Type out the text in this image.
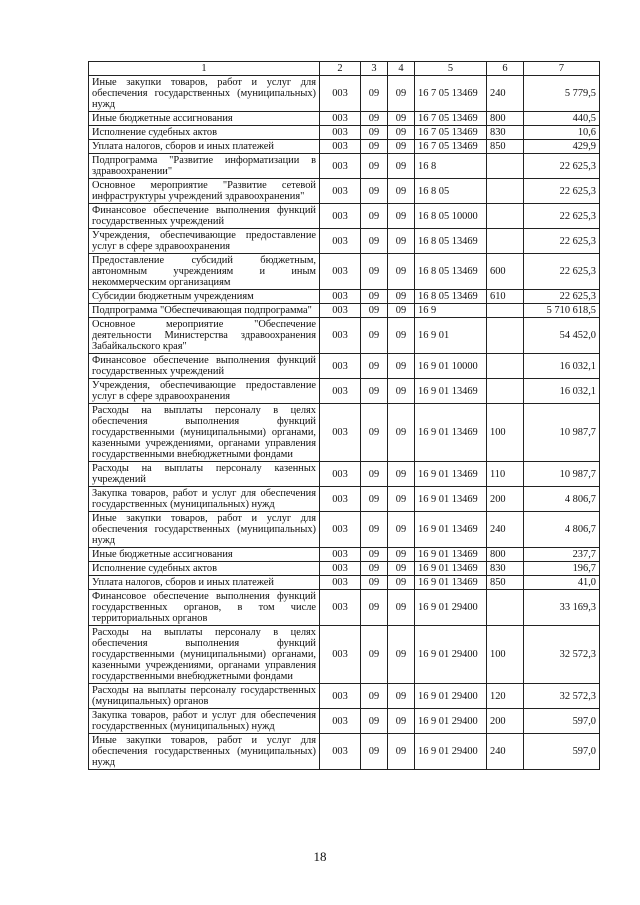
1	2	3	4	5	6	7
Иные закупки товаров, работ и услуг для обеспечения государственных (муниципальных) нужд	003	09	09	16 7 05 13469	240	5 779,5
Иные бюджетные ассигнования	003	09	09	16 7 05 13469	800	440,5
Исполнение судебных актов	003	09	09	16 7 05 13469	830	10,6
Уплата налогов, сборов и иных платежей	003	09	09	16 7 05 13469	850	429,9
Подпрограмма "Развитие информатизации в здравоохранении"	003	09	09	16 8		22 625,3
Основное мероприятие "Развитие сетевой инфраструктуры учреждений здравоохранения"	003	09	09	16 8 05		22 625,3
Финансовое обеспечение выполнения функций государственных учреждений	003	09	09	16 8 05 10000		22 625,3
Учреждения, обеспечивающие предоставление услуг в сфере здравоохранения	003	09	09	16 8 05 13469		22 625,3
Предоставление субсидий бюджетным, автономным учреждениям и иным некоммерческим организациям	003	09	09	16 8 05 13469	600	22 625,3
Субсидии бюджетным учреждениям	003	09	09	16 8 05 13469	610	22 625,3
Подпрограмма "Обеспечивающая подпрограмма"	003	09	09	16 9		5 710 618,5
Основное мероприятие "Обеспечение деятельности Министерства здравоохранения Забайкальского края"	003	09	09	16 9 01		54 452,0
Финансовое обеспечение выполнения функций государственных учреждений	003	09	09	16 9 01 10000		16 032,1
Учреждения, обеспечивающие предоставление услуг в сфере здравоохранения	003	09	09	16 9 01 13469		16 032,1
Расходы на выплаты персоналу в целях обеспечения выполнения функций государственными (муниципальными) органами, казенными учреждениями, органами управления государственными внебюджетными фондами	003	09	09	16 9 01 13469	100	10 987,7
Расходы на выплаты персоналу казенных учреждений	003	09	09	16 9 01 13469	110	10 987,7
Закупка товаров, работ и услуг для обеспечения государственных (муниципальных) нужд	003	09	09	16 9 01 13469	200	4 806,7
Иные закупки товаров, работ и услуг для обеспечения государственных (муниципальных) нужд	003	09	09	16 9 01 13469	240	4 806,7
Иные бюджетные ассигнования	003	09	09	16 9 01 13469	800	237,7
Исполнение судебных актов	003	09	09	16 9 01 13469	830	196,7
Уплата налогов, сборов и иных платежей	003	09	09	16 9 01 13469	850	41,0
Финансовое обеспечение выполнения функций государственных органов, в том числе территориальных органов	003	09	09	16 9 01 29400		33 169,3
Расходы на выплаты персоналу в целях обеспечения выполнения функций государственными (муниципальными) органами, казенными учреждениями, органами управления государственными внебюджетными фондами	003	09	09	16 9 01 29400	100	32 572,3
Расходы на выплаты персоналу государственных (муниципальных) органов	003	09	09	16 9 01 29400	120	32 572,3
Закупка товаров, работ и услуг для обеспечения государственных (муниципальных) нужд	003	09	09	16 9 01 29400	200	597,0
Иные закупки товаров, работ и услуг для обеспечения государственных (муниципальных) нужд	003	09	09	16 9 01 29400	240	597,0
18
